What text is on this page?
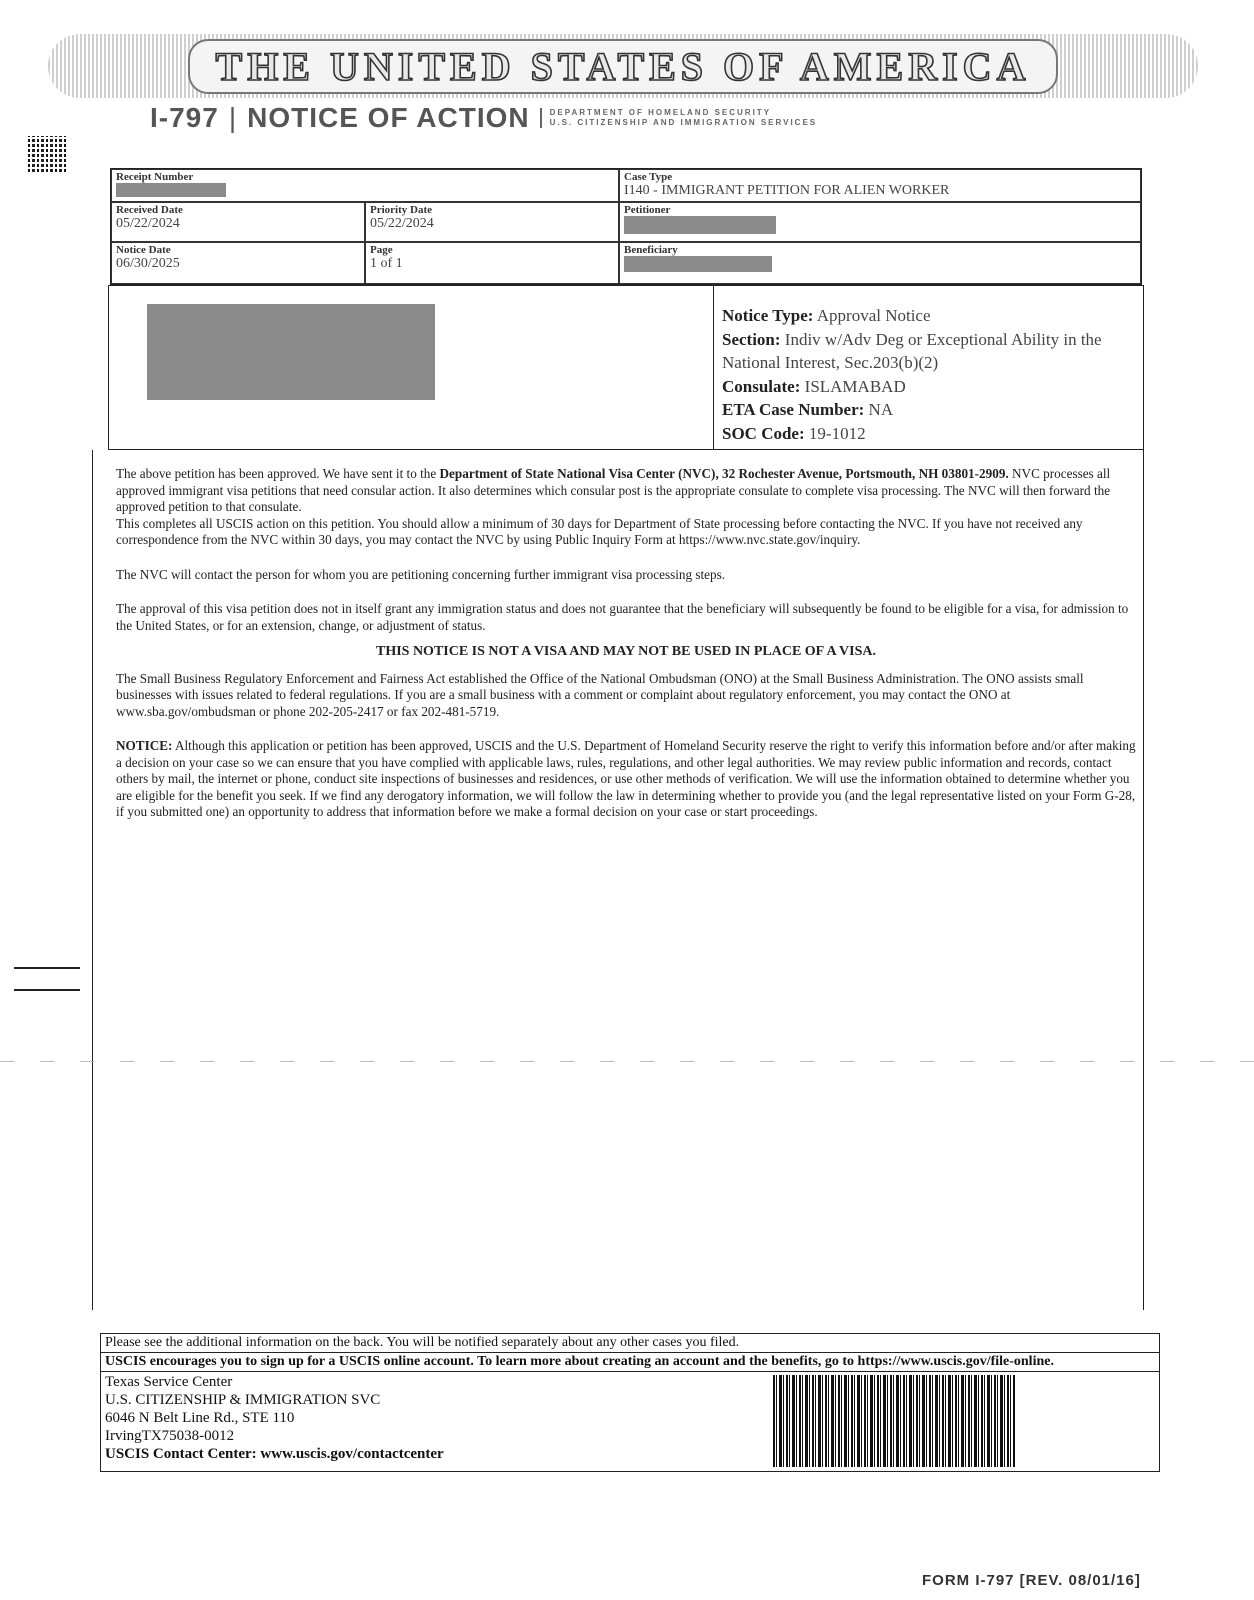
THE UNITED STATES OF AMERICA
I-797 | NOTICE OF ACTION	DEPARTMENT OF HOMELAND SECURITY
U.S. CITIZENSHIP AND IMMIGRATION SERVICES
Receipt Number	Case Type
I140 - IMMIGRANT PETITION FOR ALIEN WORKER
Received Date
05/22/2024
Priority Date
05/22/2024
Petitioner
Notice Date
06/30/2025
Page
1 of 1
Beneficiary
Notice Type: Approval Notice
Section: Indiv w/Adv Deg or Exceptional Ability in the National Interest, Sec.203(b)(2)
Consulate: ISLAMABAD
ETA Case Number: NA
SOC Code: 19-1012

The above petition has been approved. We have sent it to the Department of State National Visa Center (NVC), 32 Rochester Avenue, Portsmouth, NH 03801-2909. NVC processes all approved immigrant visa petitions that need consular action. It also determines which consular post is the appropriate consulate to complete visa processing. The NVC will then forward the approved petition to that consulate.

This completes all USCIS action on this petition. You should allow a minimum of 30 days for Department of State processing before contacting the NVC. If you have not received any correspondence from the NVC within 30 days, you may contact the NVC by using Public Inquiry Form at https://www.nvc.state.gov/inquiry.

The NVC will contact the person for whom you are petitioning concerning further immigrant visa processing steps.

The approval of this visa petition does not in itself grant any immigration status and does not guarantee that the beneficiary will subsequently be found to be eligible for a visa, for admission to the United States, or for an extension, change, or adjustment of status.

THIS NOTICE IS NOT A VISA AND MAY NOT BE USED IN PLACE OF A VISA.

The Small Business Regulatory Enforcement and Fairness Act established the Office of the National Ombudsman (ONO) at the Small Business Administration. The ONO assists small businesses with issues related to federal regulations. If you are a small business with a comment or complaint about regulatory enforcement, you may contact the ONO at www.sba.gov/ombudsman or phone 202-205-2417 or fax 202-481-5719.

NOTICE: Although this application or petition has been approved, USCIS and the U.S. Department of Homeland Security reserve the right to verify this information before and/or after making a decision on your case so we can ensure that you have complied with applicable laws, rules, regulations, and other legal authorities. We may review public information and records, contact others by mail, the internet or phone, conduct site inspections of businesses and residences, or use other methods of verification. We will use the information obtained to determine whether you are eligible for the benefit you seek. If we find any derogatory information, we will follow the law in determining whether to provide you (and the legal representative listed on your Form G-28, if you submitted one) an opportunity to address that information before we make a formal decision on your case or start proceedings.

Please see the additional information on the back. You will be notified separately about any other cases you filed.
USCIS encourages you to sign up for a USCIS online account. To learn more about creating an account and the benefits, go to https://www.uscis.gov/file-online.
Texas Service Center
U.S. CITIZENSHIP & IMMIGRATION SVC
6046 N Belt Line Rd., STE 110
IrvingTX75038-0012
USCIS Contact Center: www.uscis.gov/contactcenter
FORM I-797 [REV. 08/01/16]
